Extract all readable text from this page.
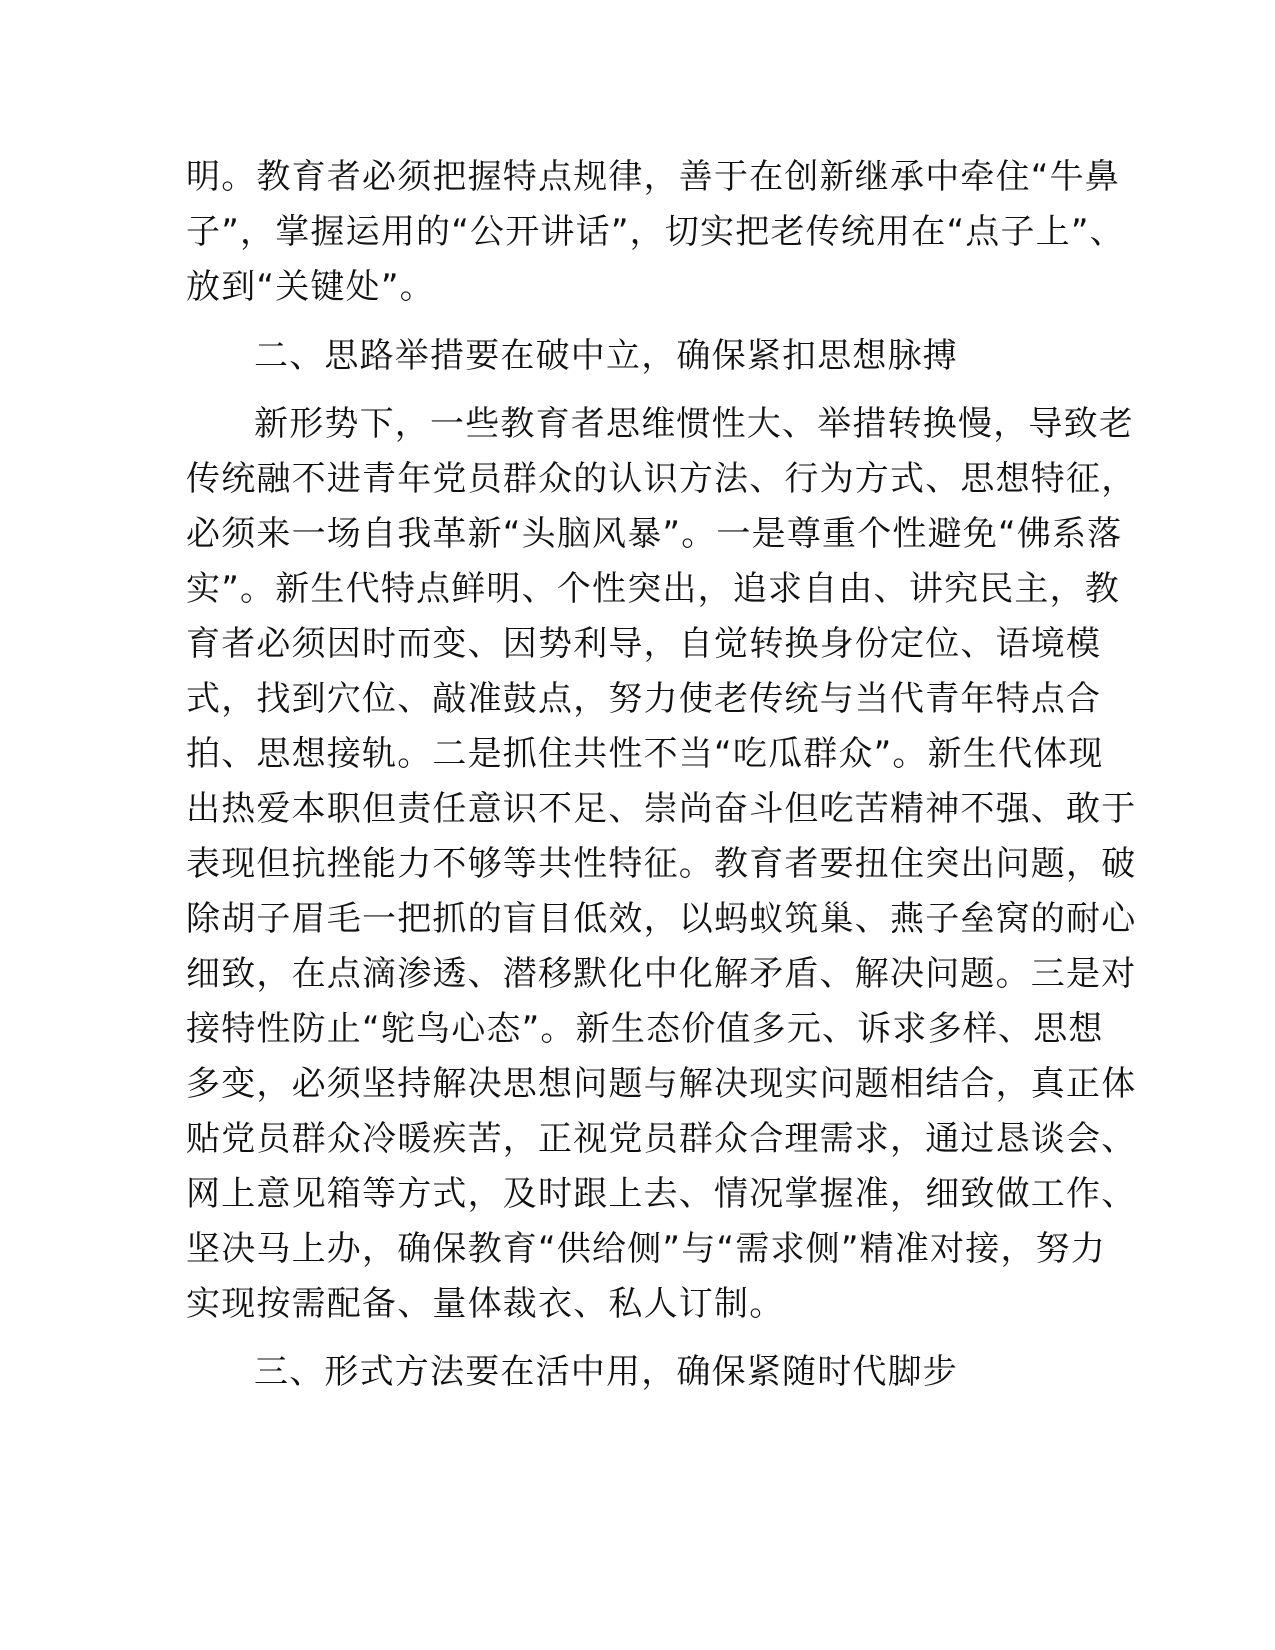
明。教育者必须把握特点规律，善于在创新继承中牵住“牛鼻
子”，掌握运用的“公开讲话”，切实把老传统用在“点子上”、
放到“关键处”。
二、思路举措要在破中立，确保紧扣思想脉搏
新形势下，一些教育者思维惯性大、举措转换慢，导致老
传统融不进青年党员群众的认识方法、行为方式、思想特征，
必须来一场自我革新“头脑风暴”。一是尊重个性避免“佛系落
实”。新生代特点鲜明、个性突出，追求自由、讲究民主，教
育者必须因时而变、因势利导，自觉转换身份定位、语境模
式，找到穴位、敲准鼓点，努力使老传统与当代青年特点合
拍、思想接轨。二是抓住共性不当“吃瓜群众”。新生代体现
出热爱本职但责任意识不足、崇尚奋斗但吃苦精神不强、敢于
表现但抗挫能力不够等共性特征。教育者要扭住突出问题，破
除胡子眉毛一把抓的盲目低效，以蚂蚁筑巢、燕子垒窝的耐心
细致，在点滴渗透、潜移默化中化解矛盾、解决问题。三是对
接特性防止“鸵鸟心态”。新生态价值多元、诉求多样、思想
多变，必须坚持解决思想问题与解决现实问题相结合，真正体
贴党员群众冷暖疾苦，正视党员群众合理需求，通过恳谈会、
网上意见箱等方式，及时跟上去、情况掌握准，细致做工作、
坚决马上办，确保教育“供给侧”与“需求侧”精准对接，努力
实现按需配备、量体裁衣、私人订制。
三、形式方法要在活中用，确保紧随时代脚步
